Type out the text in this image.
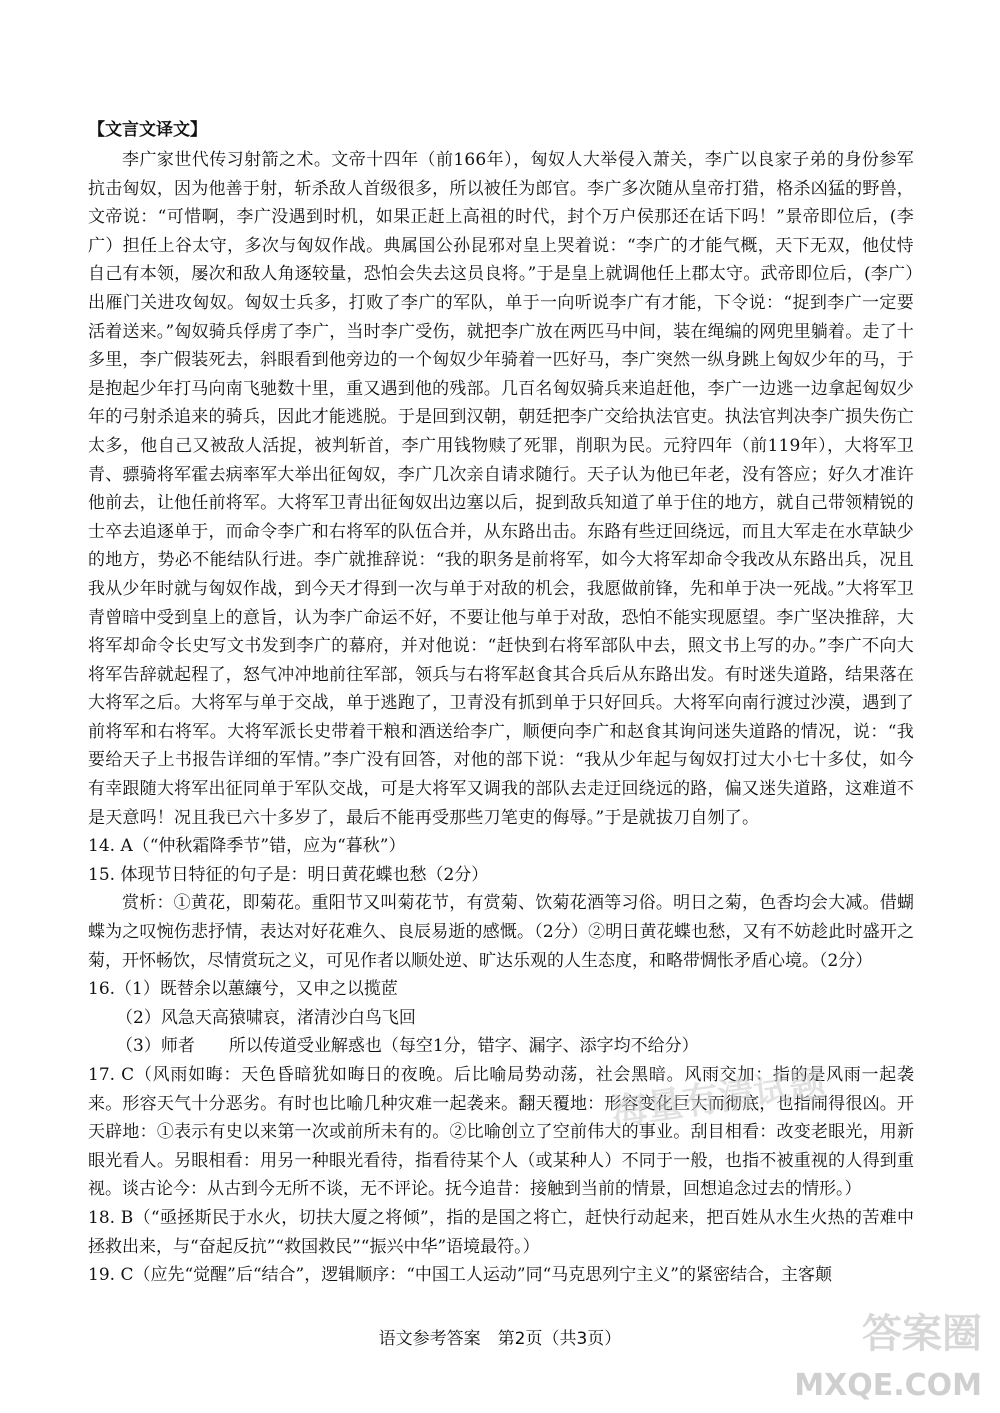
【文言文译文】

李广家世代传习射箭之术。文帝十四年（前166年），匈奴人大举侵入萧关，李广以良家子弟的身份参军抗击匈奴，因为他善于射，斩杀敌人首级很多，所以被任为郎官。李广多次随从皇帝打猎，格杀凶猛的野兽，文帝说：“可惜啊，李广没遇到时机，如果正赶上高祖的时代，封个万户侯那还在话下吗！”景帝即位后，(李广）担任上谷太守，多次与匈奴作战。典属国公孙昆邪对皇上哭着说：“李广的才能气概，天下无双，他仗恃自己有本领，屡次和敌人角逐较量，恐怕会失去这员良将。”于是皇上就调他任上郡太守。武帝即位后，(李广）出雁门关进攻匈奴。匈奴士兵多，打败了李广的军队，单于一向听说李广有才能，下令说：“捉到李广一定要活着送来。”匈奴骑兵俘虏了李广，当时李广受伤，就把李广放在两匹马中间，装在绳编的网兜里躺着。走了十多里，李广假装死去，斜眼看到他旁边的一个匈奴少年骑着一匹好马，李广突然一纵身跳上匈奴少年的马，于是抱起少年打马向南飞驰数十里，重又遇到他的残部。几百名匈奴骑兵来追赶他，李广一边逃一边拿起匈奴少年的弓射杀追来的骑兵，因此才能逃脱。于是回到汉朝，朝廷把李广交给执法官吏。执法官判决李广损失伤亡太多，他自己又被敌人活捉，被判斩首，李广用钱物赎了死罪，削职为民。元狩四年（前119年），大将军卫青、骠骑将军霍去病率军大举出征匈奴，李广几次亲自请求随行。天子认为他已年老，没有答应；好久才准许他前去，让他任前将军。大将军卫青出征匈奴出边塞以后，捉到敌兵知道了单于住的地方，就自己带领精锐的士卒去追逐单于，而命令李广和右将军的队伍合并，从东路出击。东路有些迂回绕远，而且大军走在水草缺少的地方，势必不能结队行进。李广就推辞说：“我的职务是前将军，如今大将军却命令我改从东路出兵，况且我从少年时就与匈奴作战，到今天才得到一次与单于对敌的机会，我愿做前锋，先和单于决一死战。”大将军卫青曾暗中受到皇上的意旨，认为李广命运不好，不要让他与单于对敌，恐怕不能实现愿望。李广坚决推辞，大将军却命令长史写文书发到李广的幕府，并对他说：“赶快到右将军部队中去，照文书上写的办。”李广不向大将军告辞就起程了，怒气冲冲地前往军部，领兵与右将军赵食其合兵后从东路出发。有时迷失道路，结果落在大将军之后。大将军与单于交战，单于逃跑了，卫青没有抓到单于只好回兵。大将军向南行渡过沙漠，遇到了前将军和右将军。大将军派长史带着干粮和酒送给李广，顺便向李广和赵食其询问迷失道路的情况，说：“我要给天子上书报告详细的军情。”李广没有回答，对他的部下说：“我从少年起与匈奴打过大小七十多仗，如今有幸跟随大将军出征同单于军队交战，可是大将军又调我的部队去走迂回绕远的路，偏又迷失道路，这难道不是天意吗！况且我已六十多岁了，最后不能再受那些刀笔吏的侮辱。”于是就拔刀自刎了。

14. A（“仲秋霜降季节”错，应为“暮秋”）

15. 体现节日特征的句子是：明日黄花蝶也愁（2分）

赏析：①黄花，即菊花。重阳节又叫菊花节，有赏菊、饮菊花酒等习俗。明日之菊，色香均会大减。借蝴蝶为之叹惋伤悲抒情，表达对好花难久、良辰易逝的感慨。（2分）②明日黄花蝶也愁，又有不妨趁此时盛开之菊，开怀畅饮，尽情赏玩之义，可见作者以顺处逆、旷达乐观的人生态度，和略带惆怅矛盾心境。（2分）

16.（1）既替余以蕙纕兮，又申之以揽茝

（2）风急天高猿啸哀，渚清沙白鸟飞回

（3）师者　　所以传道受业解惑也（每空1分，错字、漏字、添字均不给分）

17. C（风雨如晦：天色昏暗犹如晦日的夜晚。后比喻局势动荡，社会黑暗。风雨交加：指的是风雨一起袭来。形容天气十分恶劣。有时也比喻几种灾难一起袭来。翻天覆地：形容变化巨大而彻底，也指闹得很凶。开天辟地：①表示有史以来第一次或前所未有的。②比喻创立了空前伟大的事业。刮目相看：改变老眼光，用新眼光看人。另眼相看：用另一种眼光看待，指看待某个人（或某种人）不同于一般，也指不被重视的人得到重视。谈古论今：从古到今无所不谈，无不评论。抚今追昔：接触到当前的情景，回想追念过去的情形。）

18. B（“亟拯斯民于水火，切扶大厦之将倾”，指的是国之将亡，赶快行动起来，把百姓从水生火热的苦难中拯救出来，与“奋起反抗”“救国救民”“振兴中华”语境最符。）

19. C（应先“觉醒”后“结合”，逻辑顺序：“中国工人运动”同“马克思列宁主义”的紧密结合，主客颠

语文参考答案　第2页（共3页）
海量有清试题
答案圈
MXQE.COM
